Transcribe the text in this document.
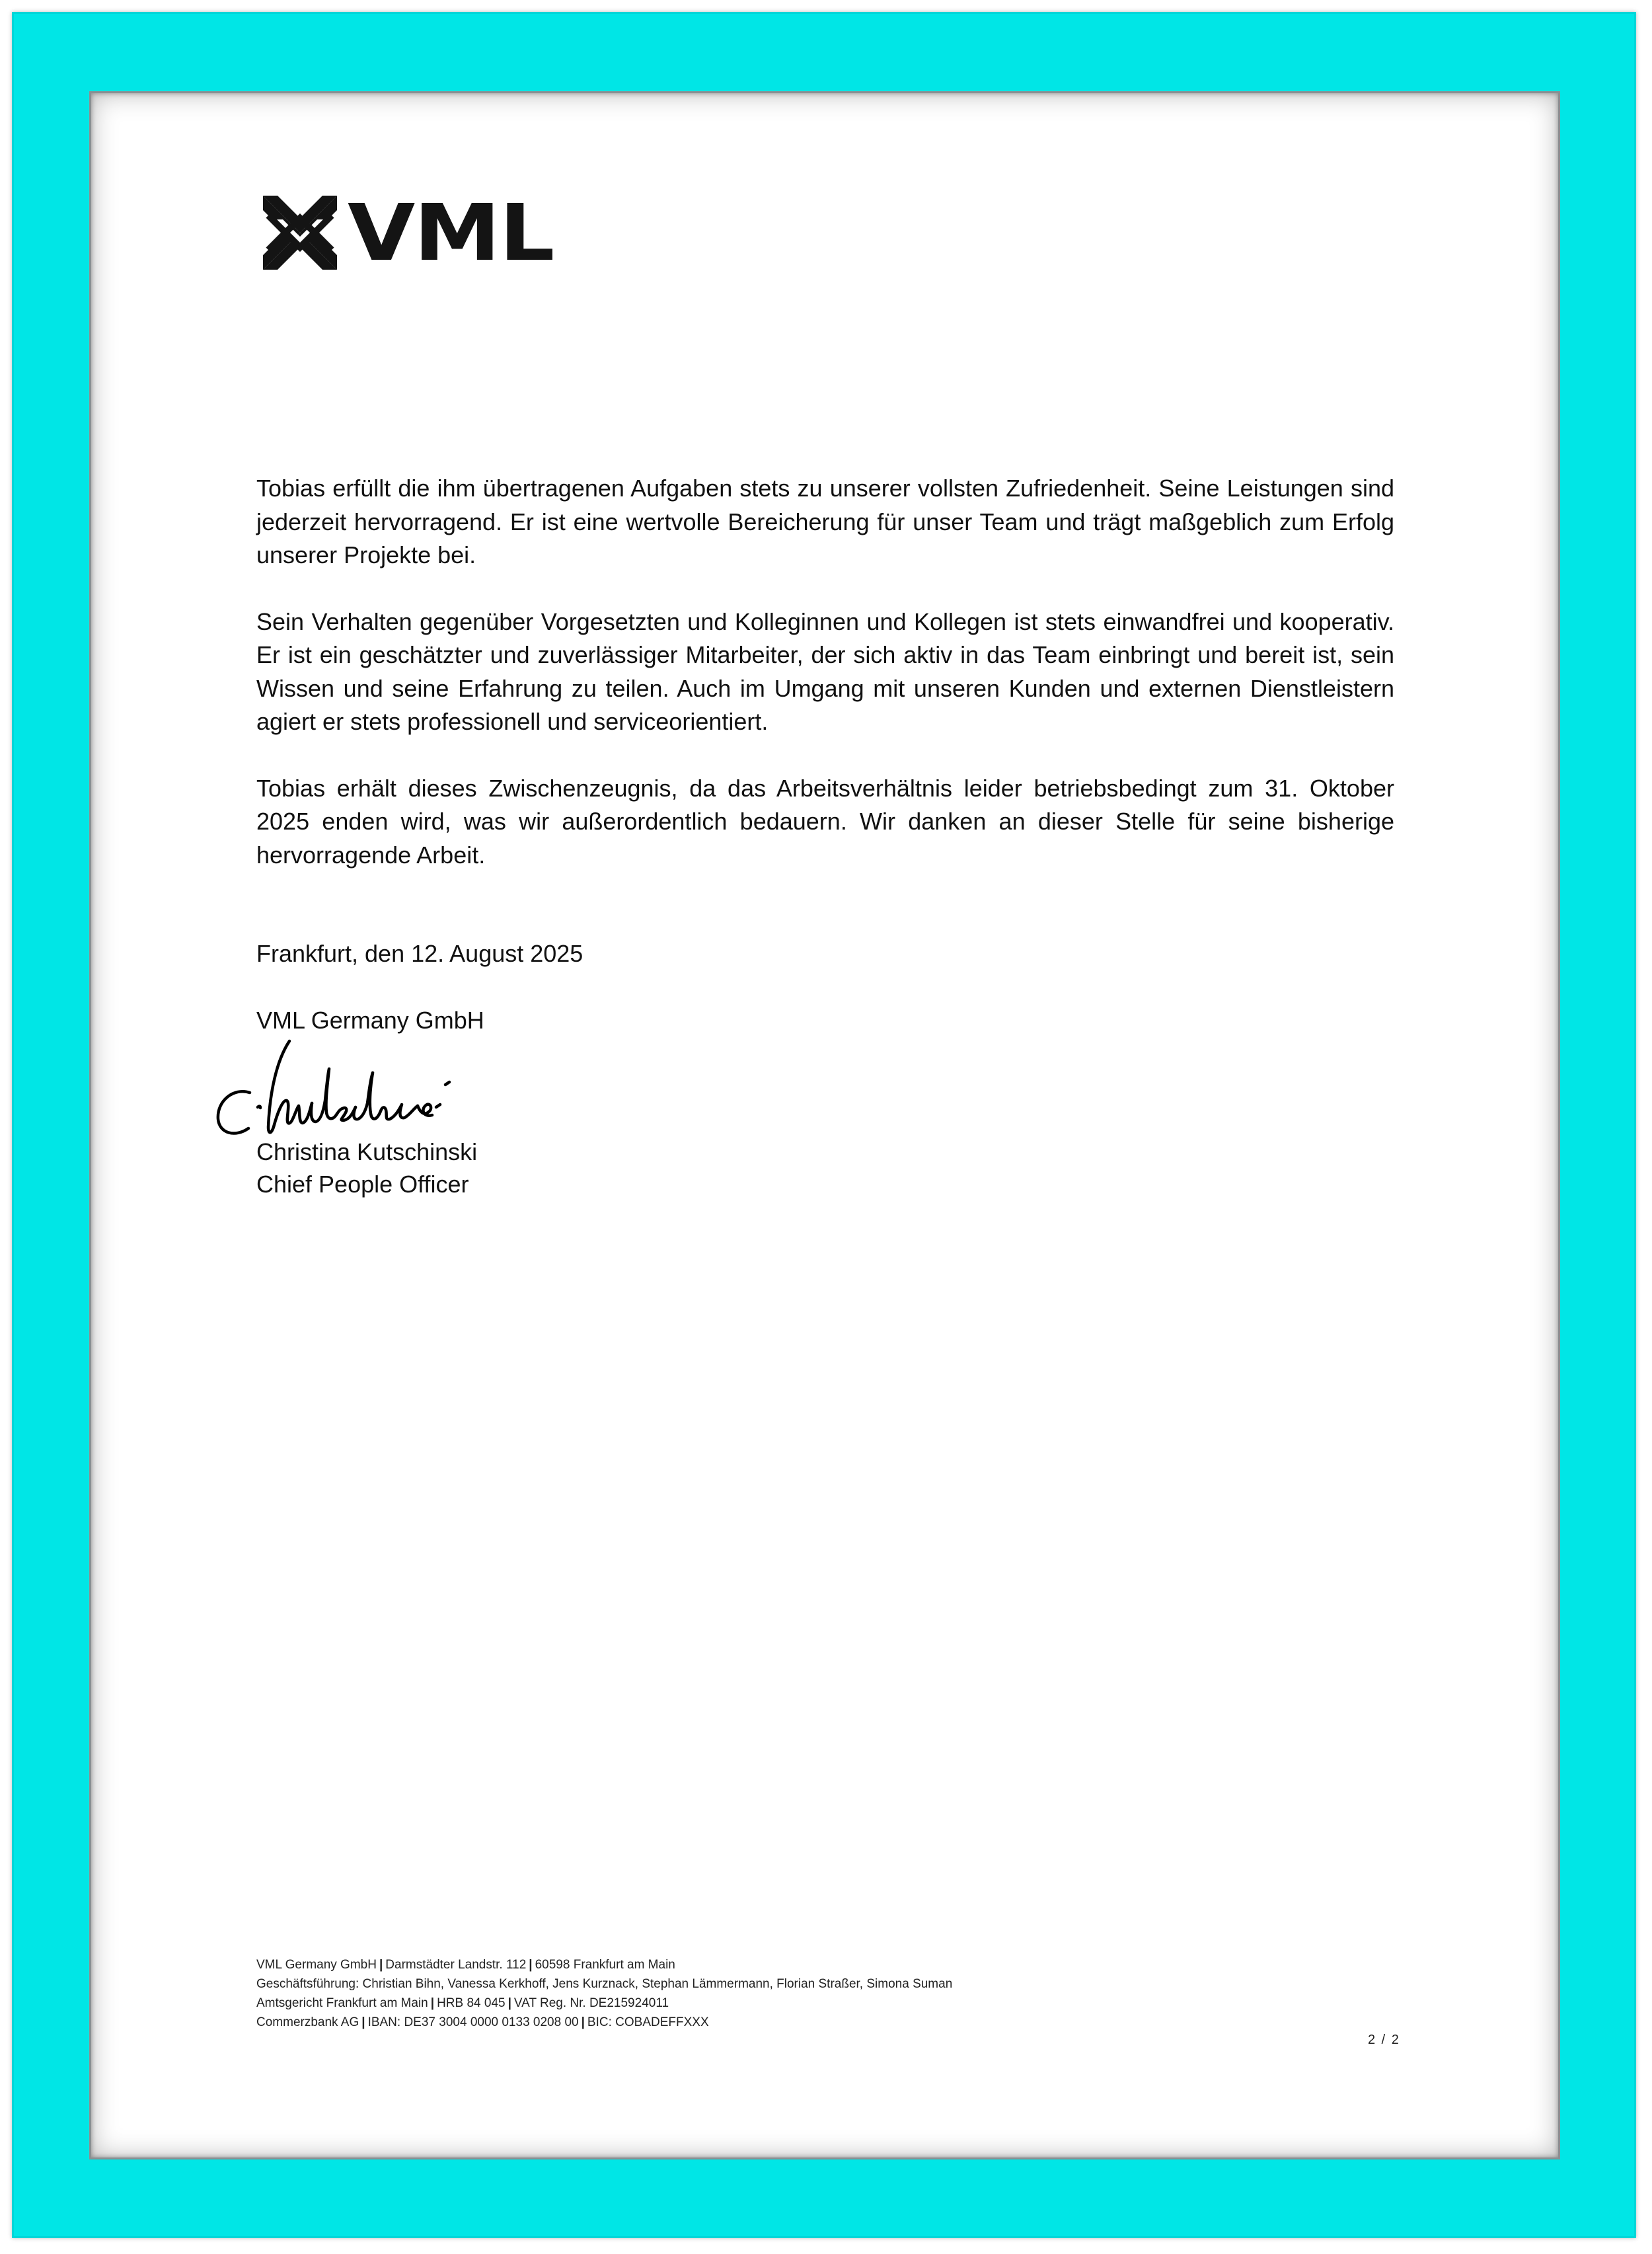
VML

Tobias erfüllt die ihm übertragenen Aufgaben stets zu unserer vollsten Zufriedenheit. Seine Leistungen sind jederzeit hervorragend. Er ist eine wertvolle Bereicherung für unser Team und trägt maßgeblich zum Erfolg unserer Projekte bei.

Sein Verhalten gegenüber Vorgesetzten und Kolleginnen und Kollegen ist stets einwandfrei und kooperativ. Er ist ein geschätzter und zuverlässiger Mitarbeiter, der sich aktiv in das Team einbringt und bereit ist, sein Wissen und seine Erfahrung zu teilen. Auch im Umgang mit unseren Kunden und externen Dienstleistern agiert er stets professionell und serviceorientiert.

Tobias erhält dieses Zwischenzeugnis, da das Arbeitsverhältnis leider betriebsbedingt zum 31. Oktober 2025 enden wird, was wir außerordentlich bedauern. Wir danken an dieser Stelle für seine bisherige hervorragende Arbeit.

Frankfurt, den 12. August 2025
VML Germany GmbH
Christina Kutschinski
Chief People Officer
VML Germany GmbH | Darmstädter Landstr. 112 | 60598 Frankfurt am Main
Geschäftsführung: Christian Bihn, Vanessa Kerkhoff, Jens Kurznack, Stephan Lämmermann, Florian Straßer, Simona Suman
Amtsgericht Frankfurt am Main | HRB 84 045 | VAT Reg. Nr. DE215924011
Commerzbank AG | IBAN: DE37 3004 0000 0133 0208 00 | BIC: COBADEFFXXX
2 / 2
